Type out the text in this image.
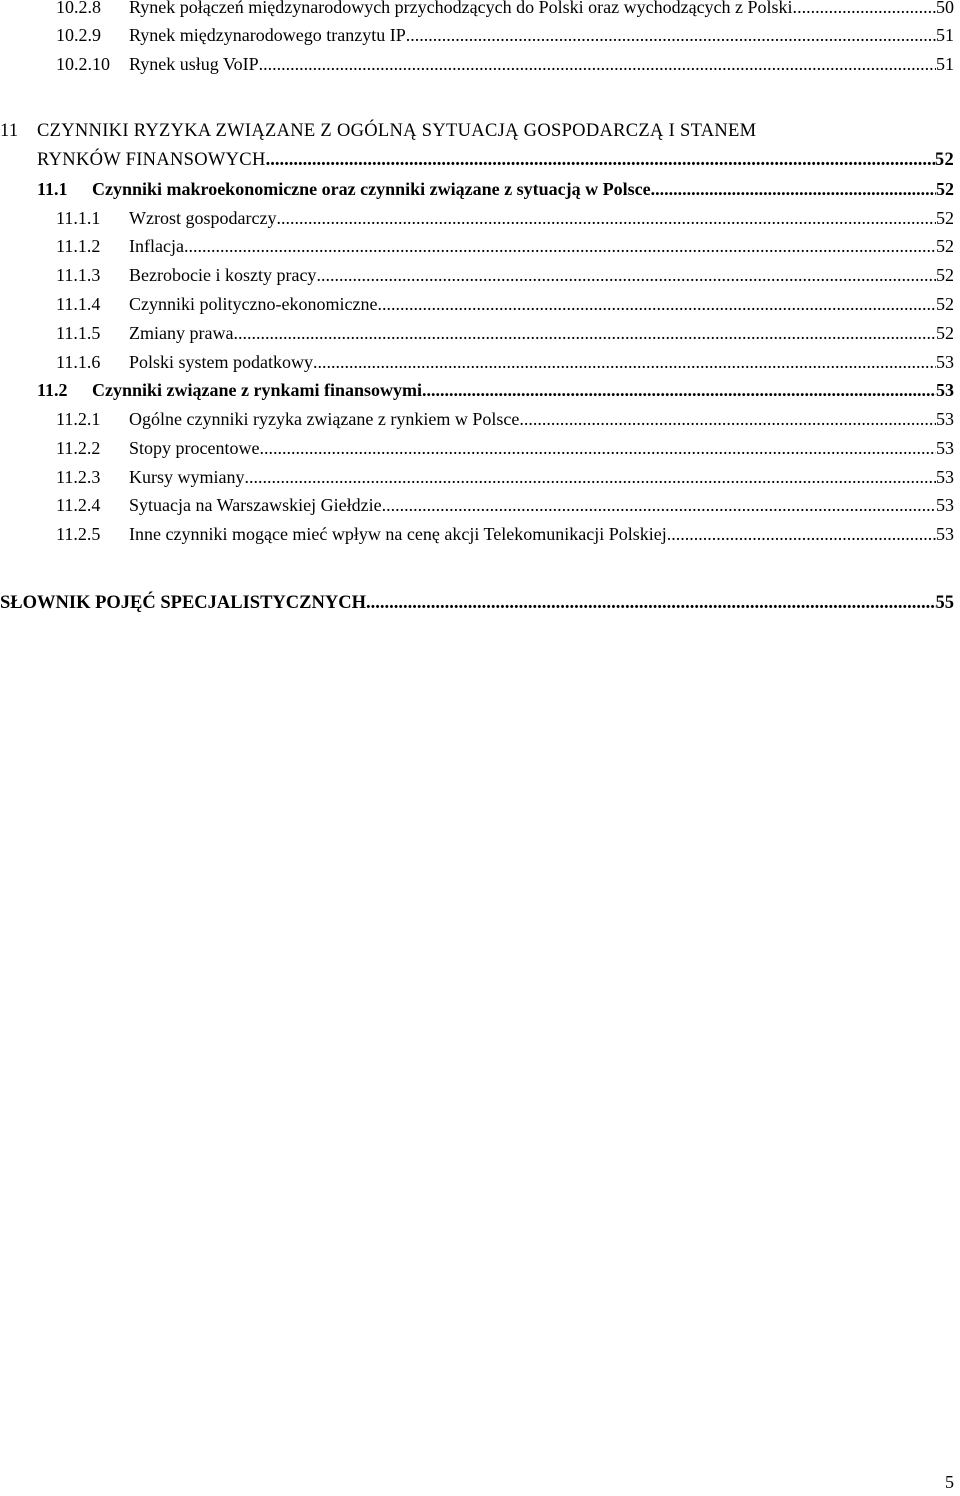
10.2.8 Rynek połączeń międzynarodowych przychodzących do Polski oraz wychodzących z Polski. .....	50
10.2.9 Rynek międzynarodowego tranzytu IP .....	51
10.2.10 Rynek usług VoIP .....	51
11 CZYNNIKI RYZYKA ZWIĄZANE Z OGÓLNĄ SYTUACJĄ GOSPODARCZĄ I STANEM
RYNKÓW FINANSOWYCH .....	52
11.1 Czynniki makroekonomiczne oraz czynniki związane z sytuacją w Polsce .....	52
11.1.1 Wzrost gospodarczy .....	52
11.1.2 Inflacja .....	52
11.1.3 Bezrobocie i koszty pracy .....	52
11.1.4 Czynniki polityczno-ekonomiczne .....	52
11.1.5 Zmiany prawa .....	52
11.1.6 Polski system podatkowy .....	53
11.2 Czynniki związane z rynkami finansowymi .....	53
11.2.1 Ogólne czynniki ryzyka związane z rynkiem w Polsce .....	53
11.2.2 Stopy procentowe .....	53
11.2.3 Kursy wymiany .....	53
11.2.4 Sytuacja na Warszawskiej Giełdzie .....	53
11.2.5 Inne czynniki mogące mieć wpływ na cenę akcji Telekomunikacji Polskiej .....	53
SŁOWNIK POJĘĆ SPECJALISTYCZNYCH .....	55
5
